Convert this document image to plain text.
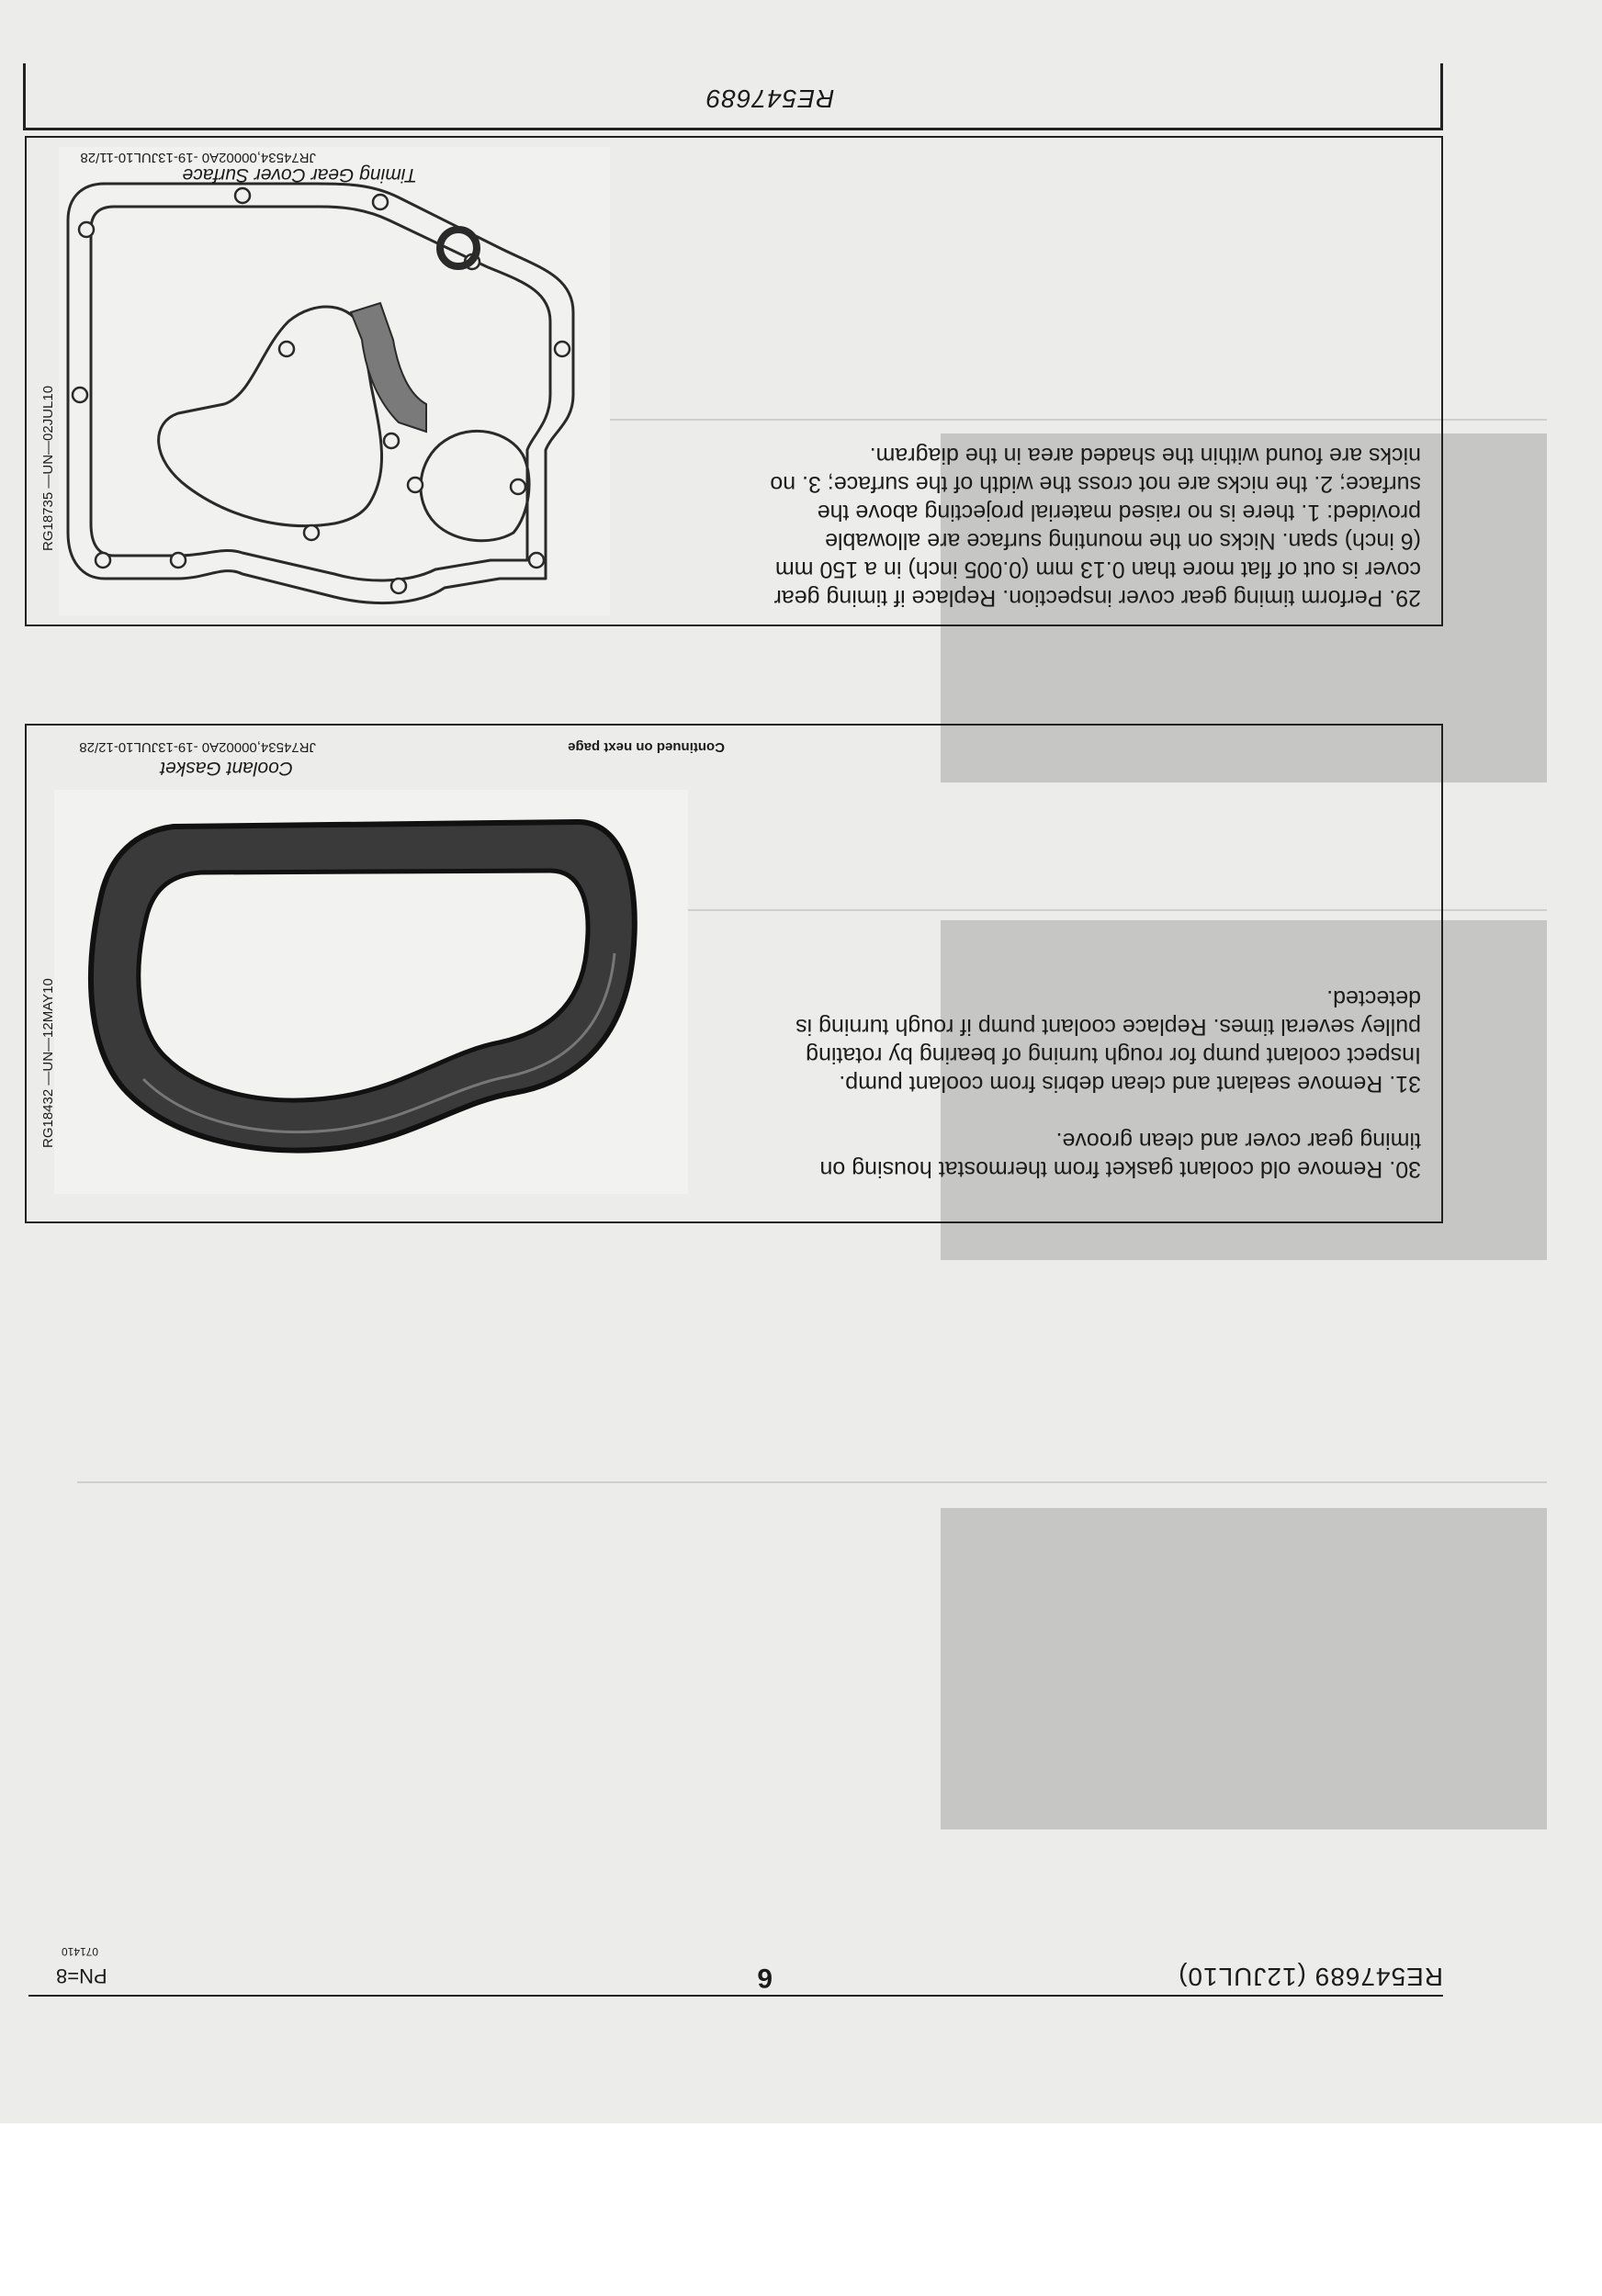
RE547689
29. Perform timing gear cover inspection. Replace if timing gear cover is out of flat more than 0.13 mm (0.005 inch) in a 150 mm (6 inch) span. Nicks on the mounting surface are allowable provided: 1. there is no raised material projecting above the surface; 2. the nicks are not cross the width of the surface; 3. no nicks are found within the shaded area in the diagram.
RG18735 —UN—02JUL10
Timing Gear Cover Surface
JR74534,00002A0 -19-13JUL10-11/28
30. Remove old coolant gasket from thermostat housing on timing gear cover and clean groove.
31. Remove sealant and clean debris from coolant pump. Inspect coolant pump for rough turning of bearing by rotating pulley several times. Replace coolant pump if rough turning is detected.
RG18432 —UN—12MAY10
Coolant Gasket
Continued on next page
JR74534,00002A0 -19-13JUL10-12/28

RE547689 (12JUL10)
6
PN=8
071410
